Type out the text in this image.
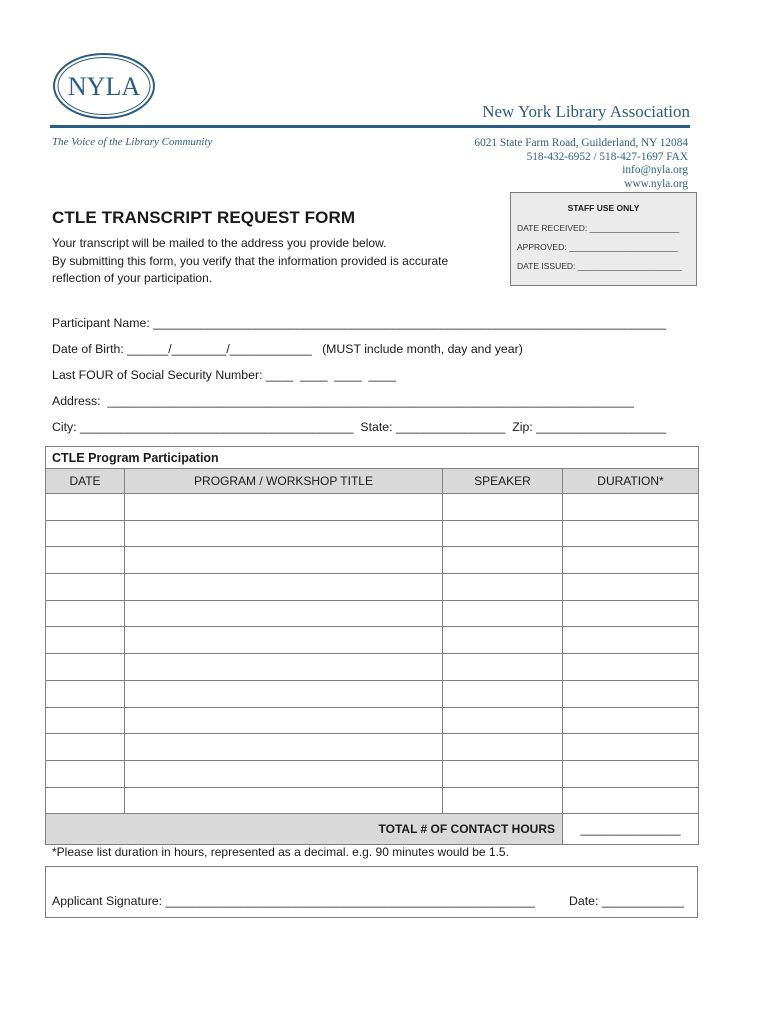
NYLA
New York Library Association
The Voice of the Library Community	6021 State Farm Road, Guilderland, NY 12084
518-432-6952 / 518-427-1697 FAX
info@nyla.org
www.nyla.org
STAFF USE ONLY
DATE RECEIVED: ___________________
APPROVED: _______________________
DATE ISSUED: ______________________
CTLE TRANSCRIPT REQUEST FORM
Your transcript will be mailed to the address you provide below.
By submitting this form, you verify that the information provided is accurate
reflection of your participation.
Participant Name: ___________________________________________________________________________
Date of Birth: ______/________/____________   (MUST include month, day and year)
Last FOUR of Social Security Number: ____  ____  ____  ____
Address:  _____________________________________________________________________________
City: ________________________________________  State: ________________  Zip: ___________________
CTLE Program Participation			
DATE	PROGRAM / WORKSHOP TITLE	SPEAKER	DURATION*

TOTAL # OF CONTACT HOURS			_______________
*Please list duration in hours, represented as a decimal. e.g. 90 minutes would be 1.5.
Applicant Signature: ______________________________________________________	Date: ____________
